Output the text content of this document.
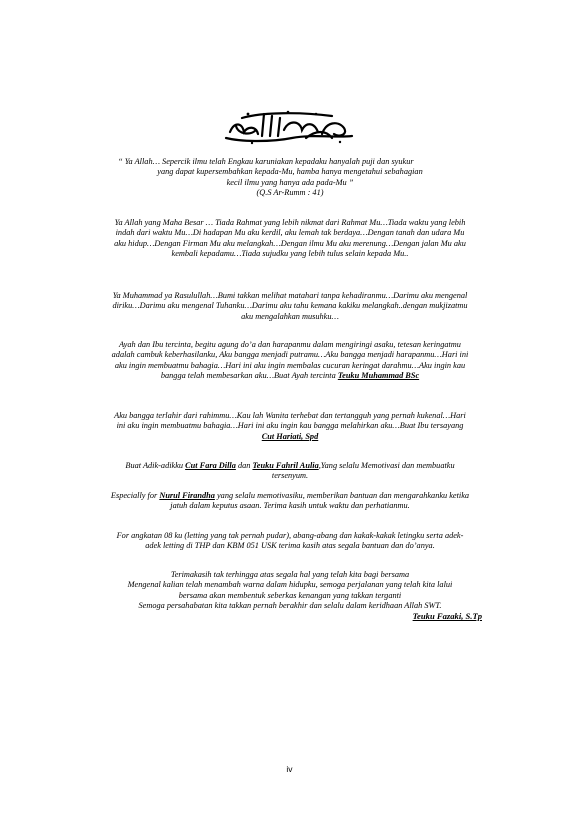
“ Ya Allah… Sepercik ilmu telah Engkau karuniakan kepadaku hanyalah puji dan syukur
yang dapat kupersembahkan kepada-Mu, hamba hanya mengetahui sebahagian
kecil ilmu yang hanya ada pada-Mu ”
(Q.S Ar-Rumm : 41)
Ya Allah yang Maha Besar … Tiada Rahmat yang lebih nikmat dari Rahmat Mu…Tiada waktu yang lebih indah dari waktu Mu…Di hadapan Mu aku kerdil, aku lemah tak berdaya…Dengan tanah dan udara Mu aku hidup…Dengan Firman Mu aku melangkah…Dengan ilmu Mu aku merenung…Dengan jalan Mu aku kembali kepadamu…Tiada sujudku yang lebih tulus selain kepada Mu..
Ya Muhammad ya Rasulullah…Bumi takkan melihat matahari tanpa kehadiranmu…Darimu aku mengenal diriku…Darimu aku mengenal Tuhanku…Darimu aku tahu kemana kakiku melangkah..dengan mukjizatmu aku mengalahkan musuhku…
Ayah dan Ibu tercinta, begitu agung do’a dan harapanmu dalam mengiringi asaku, tetesan keringatmu adalah cambuk keberhasilanku, Aku bangga menjadi putramu…Aku bangga menjadi harapanmu…Hari ini aku ingin membuatmu bahagia…Hari ini aku ingin membalas cucuran keringat darahmu…Aku ingin kau bangga telah membesarkan aku…Buat Ayah tercinta Teuku Muhammad BSc
Aku bangga terlahir dari rahimmu…Kau lah Wanita terhebat dan tertangguh yang pernah kukenal…Hari ini aku ingin membuatmu bahagia…Hari ini aku ingin kau bangga melahirkan aku…Buat Ibu tersayang Cut Hariati, Spd
Buat Adik-adikku Cut Fara Dilla dan Teuku Fahril Aulia,Yang selalu Memotivasi dan membuatku tersenyum.
Especially for Nurul Firandha yang selalu memotivasiku, memberikan bantuan dan mengarahkanku ketika jatuh dalam keputus asaan. Terima kasih untuk waktu dan perhatianmu.
For angkatan 08 ku (letting yang tak pernah pudar), abang-abang dan kakak-kakak letingku serta adek-adek letting di THP dan KBM 051 USK terima kasih atas segala bantuan dan do’anya.
Terimakasih tak terhingga atas segala hal yang telah kita bagi bersama
Mengenal kalian telah menambah warna dalam hidupku, semoga perjalanan yang telah kita lalui
bersama akan membentuk seberkas kenangan yang takkan terganti
Semoga persahabatan kita takkan pernah berakhir dan selalu dalam keridhaan Allah SWT.
Teuku Fazaki, S.Tp
iv
